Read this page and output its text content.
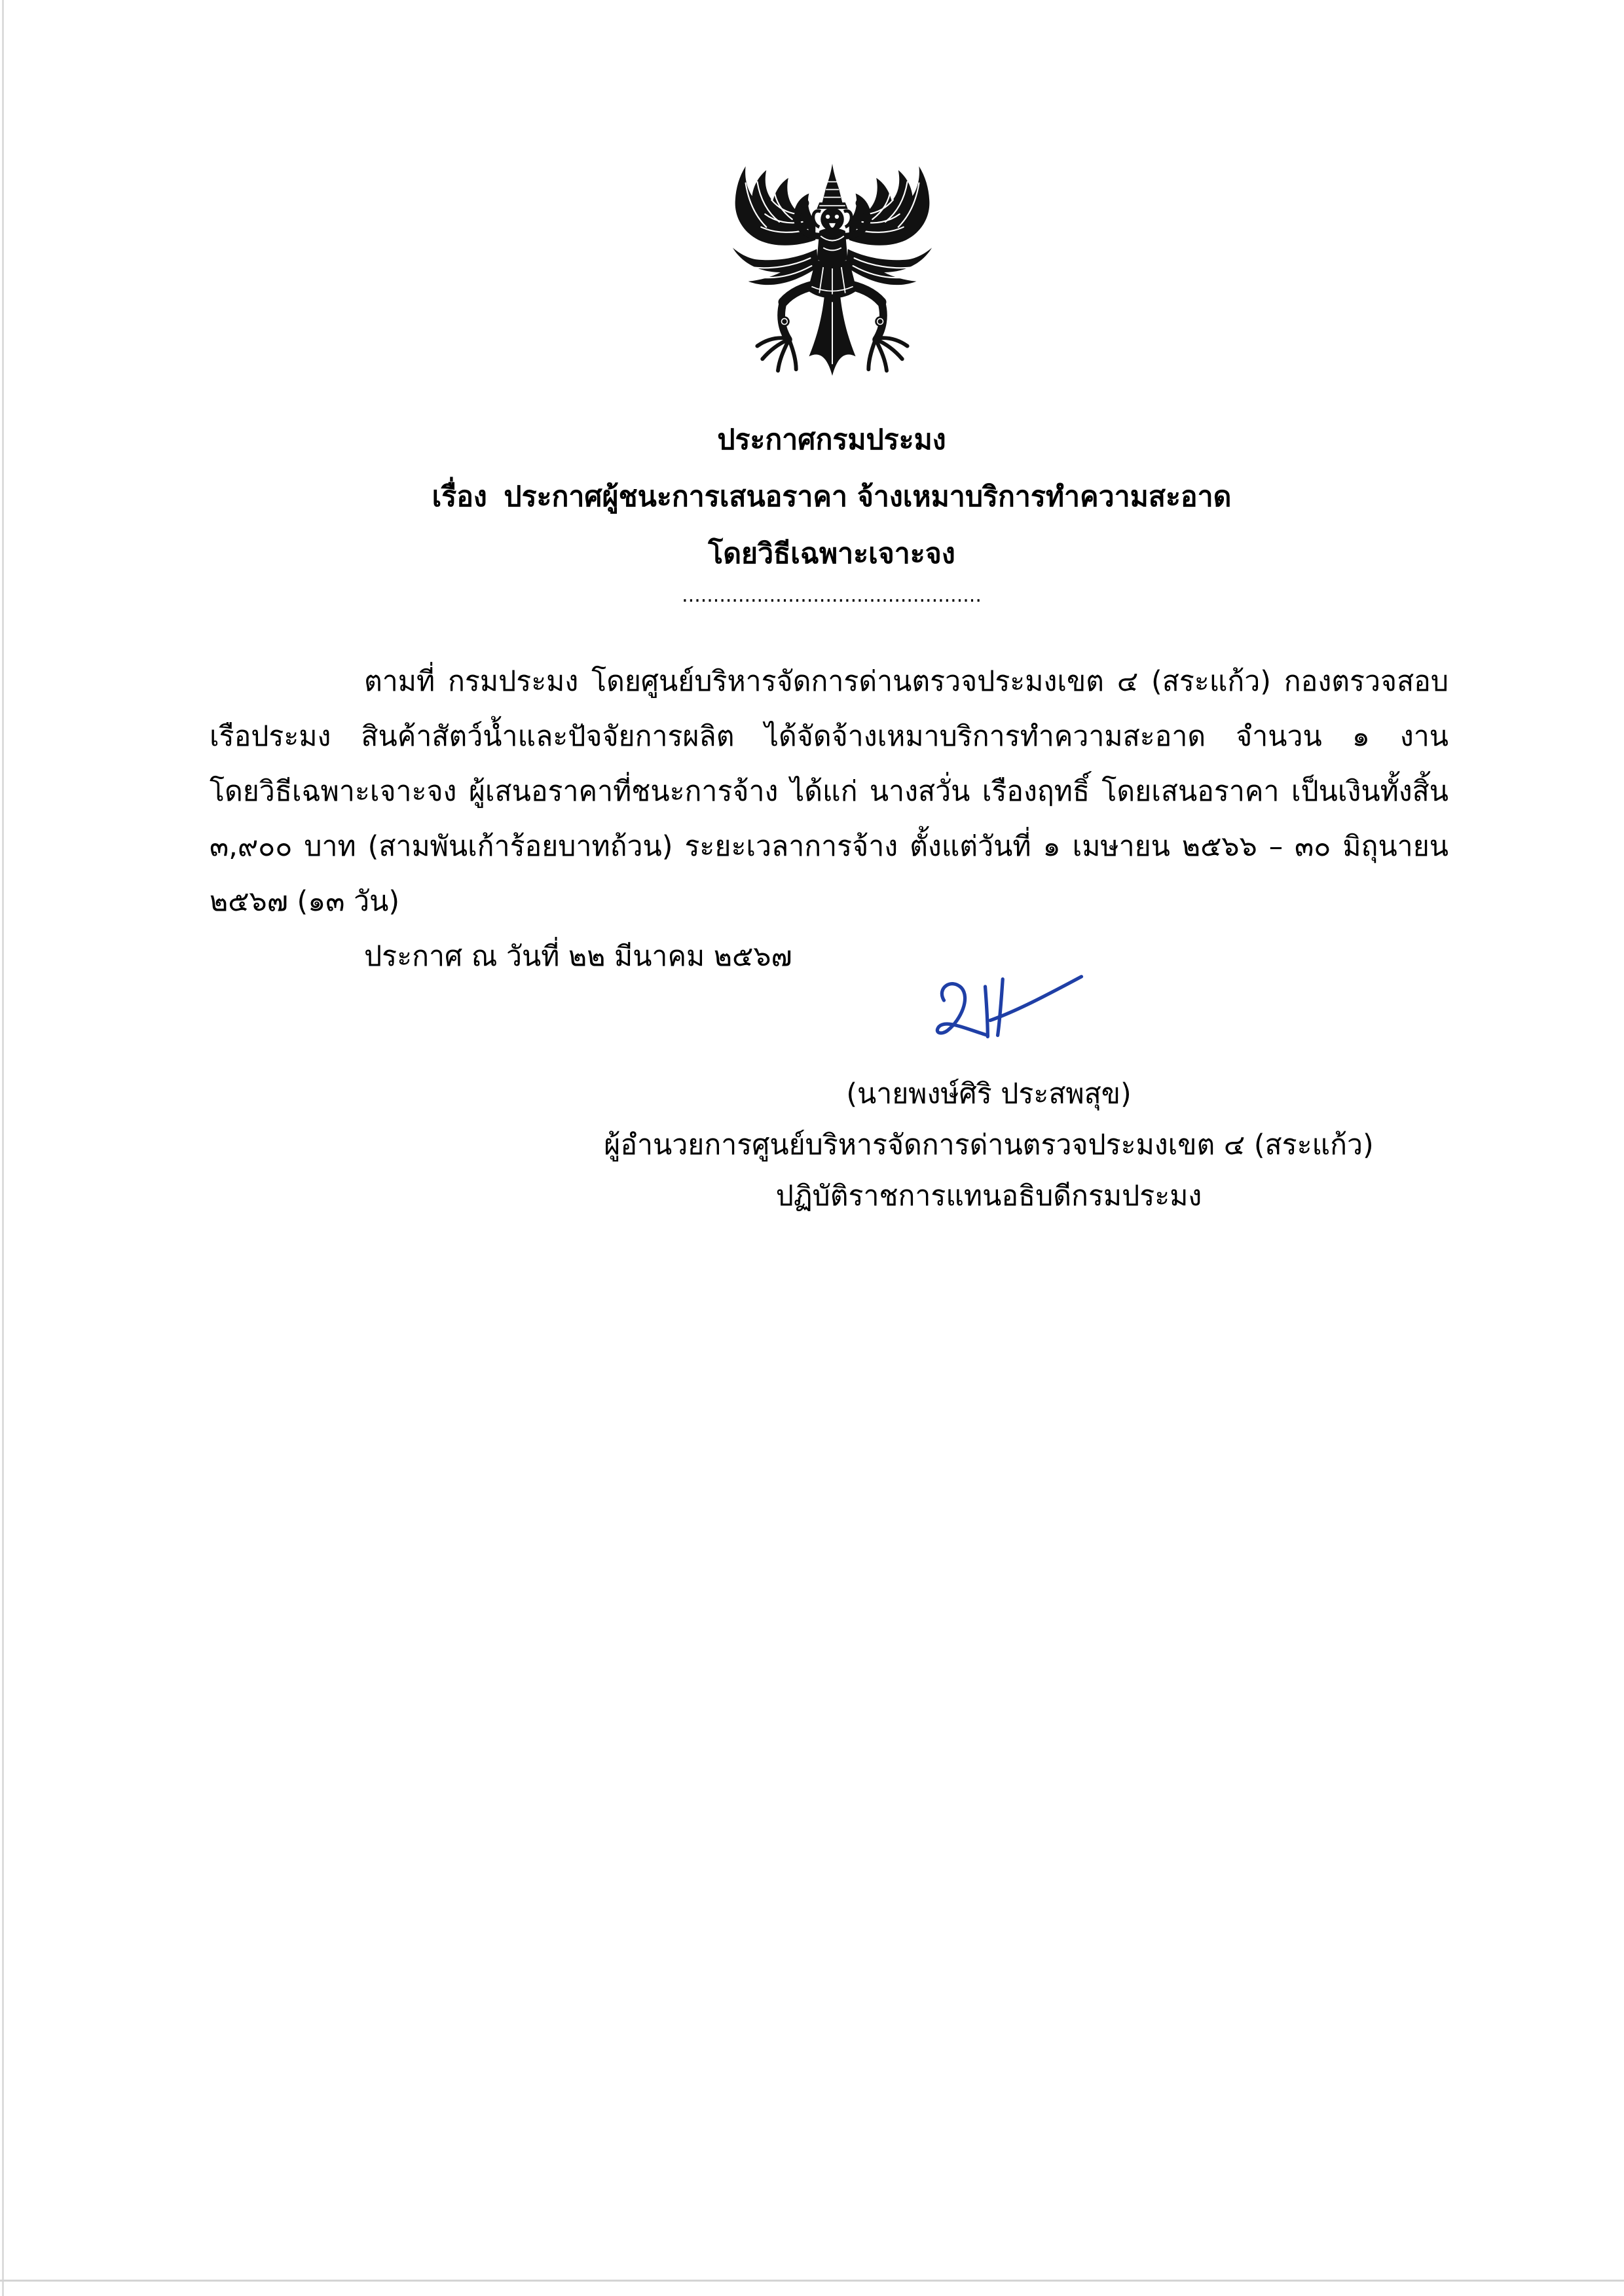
ประกาศกรมประมง
เรื่อง ประกาศผู้ชนะการเสนอราคา จ้างเหมาบริการทำความสะอาด
โดยวิธีเฉพาะเจาะจง
................................................
ตามที่ กรมประมง โดยศูนย์บริหารจัดการด่านตรวจประมงเขต ๔ (สระแก้ว) กองตรวจสอบ
เรือประมง สินค้าสัตว์น้ำและปัจจัยการผลิต ได้จัดจ้างเหมาบริการทำความสะอาด จำนวน ๑ งาน
โดยวิธีเฉพาะเจาะจง ผู้เสนอราคาที่ชนะการจ้าง ได้แก่ นางสวั่น เรืองฤทธิ์ โดยเสนอราคา เป็นเงินทั้งสิ้น
๓,๙๐๐ บาท (สามพันเก้าร้อยบาทถ้วน) ระยะเวลาการจ้าง ตั้งแต่วันที่ ๑ เมษายน ๒๕๖๖ – ๓๐ มิถุนายน
๒๕๖๗ (๑๓ วัน)
ประกาศ ณ วันที่ ๒๒ มีนาคม ๒๕๖๗
(นายพงษ์ศิริ ประสพสุข)
ผู้อำนวยการศูนย์บริหารจัดการด่านตรวจประมงเขต ๔ (สระแก้ว)
ปฏิบัติราชการแทนอธิบดีกรมประมง
